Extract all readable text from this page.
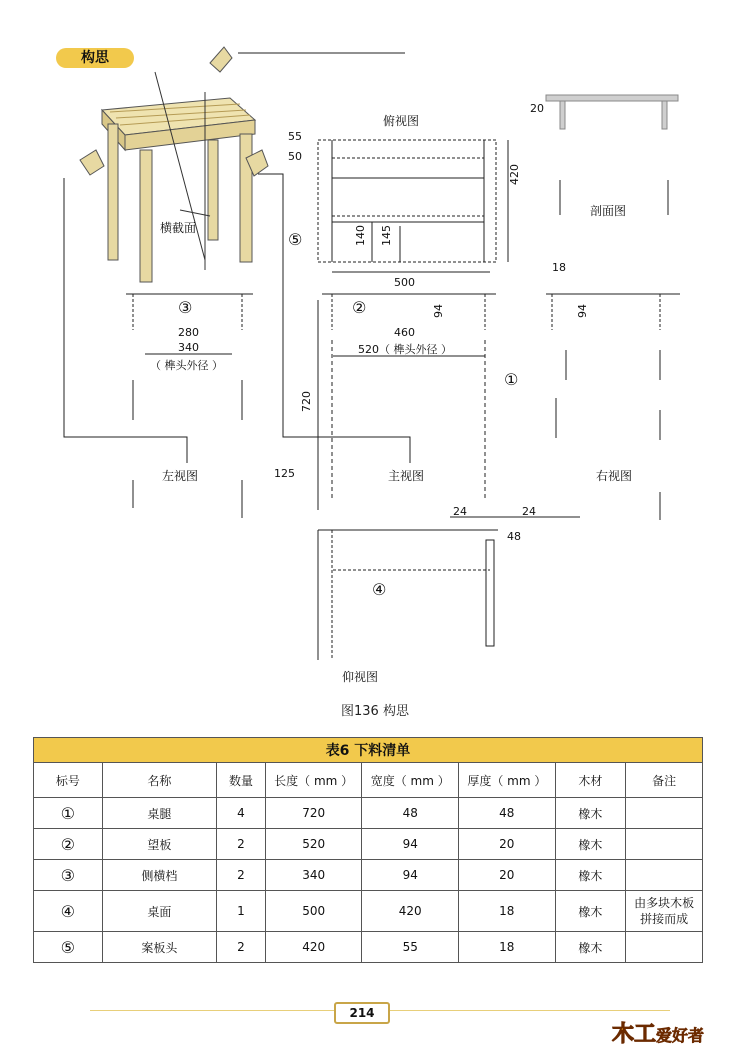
构思
俯视图
剖面图
左视图	主视图	右视图
仰视图
横截面
55
50
420
140 145
500
20
18
94	94
280
340
（ 榫头外径 ）
460
520（ 榫头外径 ）
720
125
24	24
48
①
②
③
④
⑤
图136 构思
表6 下料清单							
标号	名称	数量	长度（ mm ）	宽度（ mm ）	厚度（ mm ）	木材	备注
①	桌腿	4	720	48	48	橡木	
②	望板	2	520	94	20	橡木	
③	侧横档	2	340	94	20	橡木	
④	桌面	1	500	420	18	橡木	由多块木板拼接而成
⑤	案板头	2	420	55	18	橡木	
214
木工爱好者
